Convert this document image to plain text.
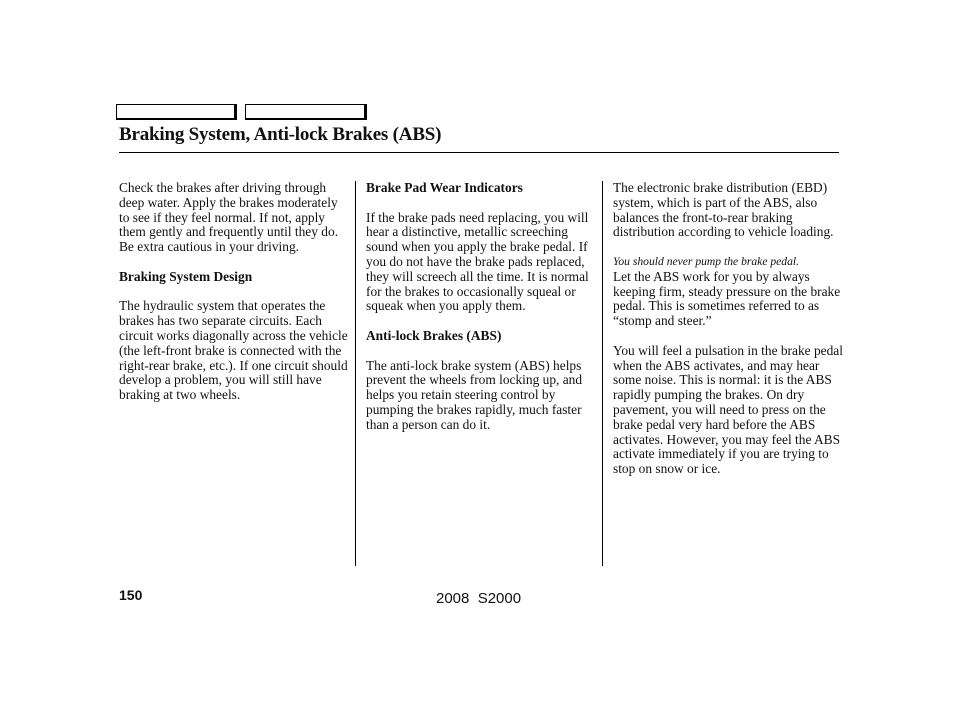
Braking System, Anti-lock Brakes (ABS)

Check the brakes after driving through deep water. Apply the brakes moderately to see if they feel normal. If not, apply them gently and frequently until they do. Be extra cautious in your driving.

Braking System Design

The hydraulic system that operates the brakes has two separate circuits. Each circuit works diagonally across the vehicle (the left-front brake is connected with the right-rear brake, etc.). If one circuit should develop a problem, you will still have braking at two wheels.

Brake Pad Wear Indicators

If the brake pads need replacing, you will hear a distinctive, metallic screeching sound when you apply the brake pedal. If you do not have the brake pads replaced, they will screech all the time. It is normal for the brakes to occasionally squeal or squeak when you apply them.

Anti-lock Brakes (ABS)

The anti-lock brake system (ABS) helps prevent the wheels from locking up, and helps you retain steering control by pumping the brakes rapidly, much faster than a person can do it.

The electronic brake distribution (EBD) system, which is part of the ABS, also balances the front-to-rear braking distribution according to vehicle loading.

You should never pump the brake pedal.

Let the ABS work for you by always keeping firm, steady pressure on the brake pedal. This is sometimes referred to as “stomp and steer.”

You will feel a pulsation in the brake pedal when the ABS activates, and may hear some noise. This is normal: it is the ABS rapidly pumping the brakes. On dry pavement, you will need to press on the brake pedal very hard before the ABS activates. However, you may feel the ABS activate immediately if you are trying to stop on snow or ice.

150	2008  S2000
